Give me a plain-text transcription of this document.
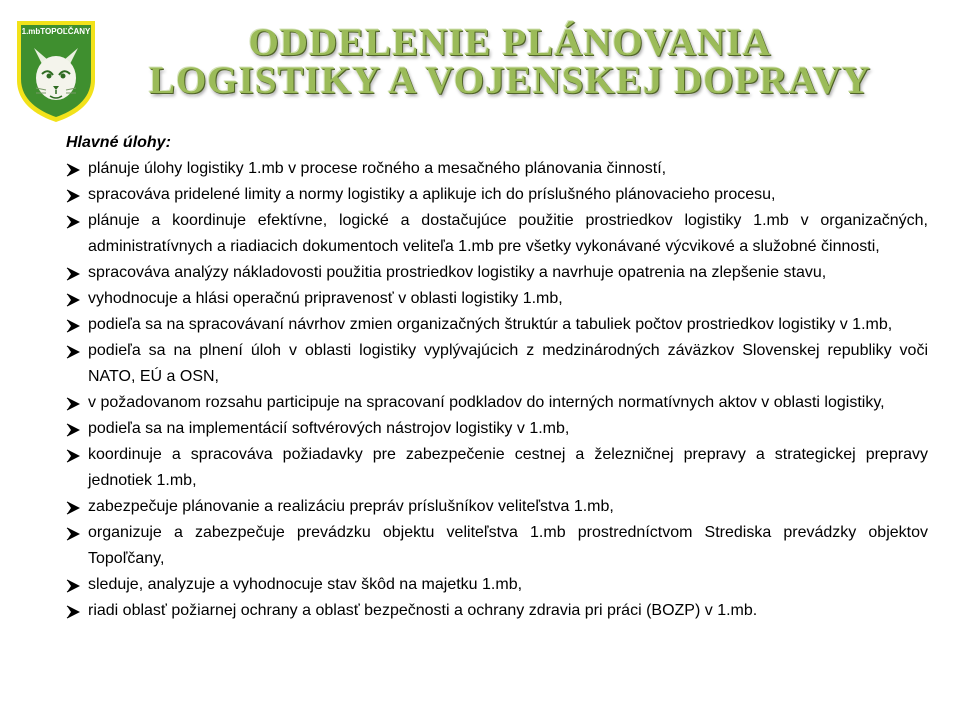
1.mbTOPOĽČANY	ODDELENIE PLÁNOVANIA
LOGISTIKY A VOJENSKEJ DOPRAVY
Hlavné úlohy:
plánuje úlohy logistiky 1.mb v procese ročného a mesačného plánovania činností,
spracováva pridelené limity a normy logistiky a aplikuje ich do príslušného plánovacieho procesu,
plánuje a koordinuje efektívne, logické a dostačujúce použitie prostriedkov logistiky 1.mb v organizačných, administratívnych a riadiacich dokumentoch veliteľa 1.mb pre všetky vykonávané výcvikové a služobné činnosti,
spracováva analýzy nákladovosti použitia prostriedkov logistiky a navrhuje opatrenia na zlepšenie stavu,
vyhodnocuje a hlási operačnú pripravenosť v oblasti logistiky 1.mb,
podieľa sa na spracovávaní návrhov zmien organizačných štruktúr a tabuliek počtov prostriedkov logistiky v 1.mb,
podieľa sa na plnení úloh v oblasti logistiky vyplývajúcich z medzinárodných záväzkov Slovenskej republiky voči NATO, EÚ a OSN,
v požadovanom rozsahu participuje na spracovaní podkladov do interných normatívnych aktov v oblasti logistiky,
podieľa sa na implementácií softvérových nástrojov logistiky v 1.mb,
koordinuje a spracováva požiadavky pre zabezpečenie cestnej a železničnej prepravy a strategickej prepravy jednotiek 1.mb,
zabezpečuje plánovanie a realizáciu prepráv príslušníkov veliteľstva 1.mb,
organizuje a zabezpečuje prevádzku objektu veliteľstva 1.mb prostredníctvom Strediska prevádzky objektov Topoľčany,
sleduje, analyzuje a vyhodnocuje stav škôd na majetku 1.mb,
riadi oblasť požiarnej ochrany a oblasť bezpečnosti a ochrany zdravia pri práci (BOZP) v 1.mb.
